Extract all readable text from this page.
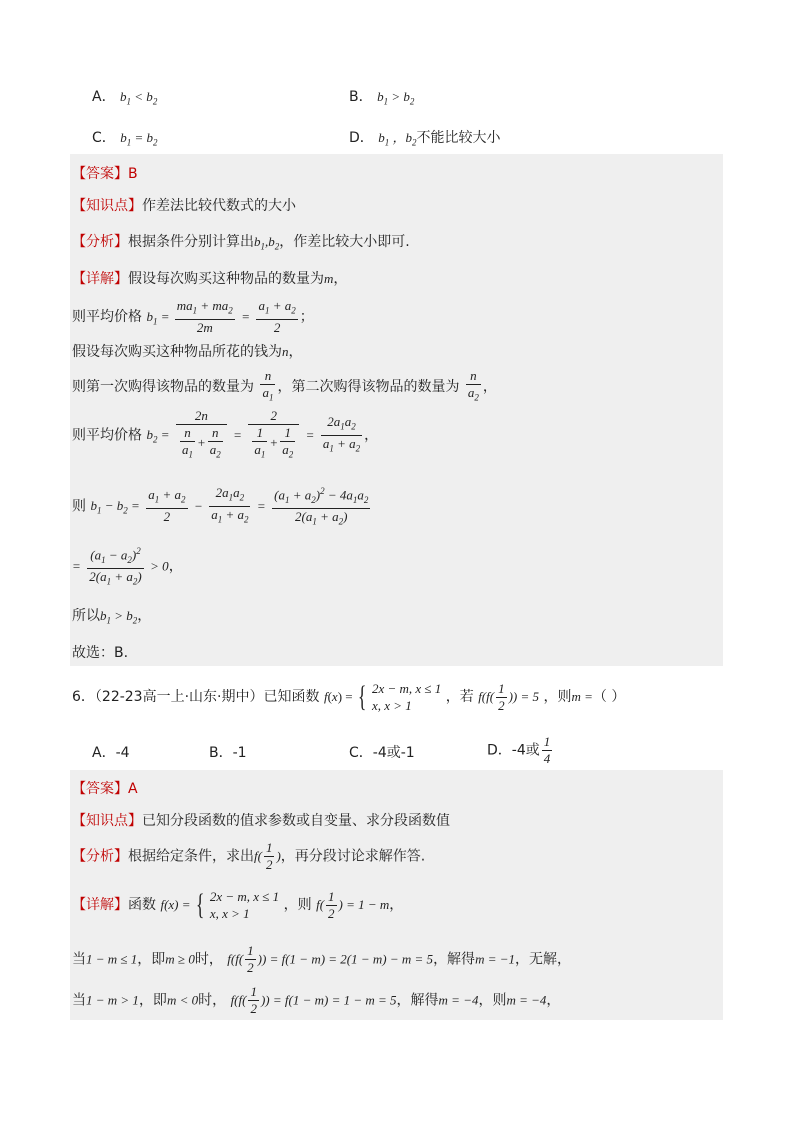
A． $b_1 < b_2$	B． $b_1 > b_2$
C． $b_1 = b_2$	D． $b_1$ ，$b_2$不能比较大小
【答案】B
【知识点】作差法比较代数式的大小
【分析】根据条件分别计算出$b_1,b_2$，作差比较大小即可.
【详解】假设每次购买这种物品的数量为m，
则平均价格 $b_1 = \frac{ma_1 + ma_2}{2m} = \frac{a_1 + a_2}{2}$ ；
假设每次购买这种物品所花的钱为n，
则第一次购得该物品的数量为 $\frac{n}{a_1}$ ，第二次购得该物品的数量为 $\frac{n}{a_2}$ ，
则平均价格 $b_2 = \frac{2n}{\frac{n}{a_1} + \frac{n}{a_2}} = \frac{2}{\frac{1}{a_1} + \frac{1}{a_2}} = \frac{2a_1a_2}{a_1 + a_2}$ ，
则 $b_1 - b_2 = \frac{a_1 + a_2}{2} - \frac{2a_1a_2}{a_1 + a_2} = \frac{(a_1 + a_2)^2 - 4a_1a_2}{2(a_1 + a_2)}$
= $\frac{(a_1 - a_2)^2}{2(a_1 + a_2)} > 0$，
所以$b_1 > b_2$，
故选：B.
6．（22-23高一上·山东·期中）已知函数 f(x) = { 2x − m, x ≤ 1
x, x > 1
，若 $f(f( \frac{1}{2}$ )) = 5 ，则m =（ ）
A．-4	B．-1	C．-4或-1	D．-4或 $\frac{1}{4}$
【答案】A
【知识点】已知分段函数的值求参数或自变量、求分段函数值
【分析】根据给定条件，求出$f( \frac{1}{2}$ )，再分段讨论求解作答.
【详解】函数 f(x) = { 2x − m, x ≤ 1
x, x > 1
，则 $f( \frac{1}{2}$ ) = 1 − m，
当1 − m ≤ 1，即m ≥ 0时， $f(f( \frac{1}{2}$ )) = f(1 − m) = 2(1 − m) − m = 5，解得m = −1，无解，
当1 − m > 1，即m < 0时， $f(f( \frac{1}{2}$ )) = f(1 − m) = 1 − m = 5，解得m = −4，则m = −4，
